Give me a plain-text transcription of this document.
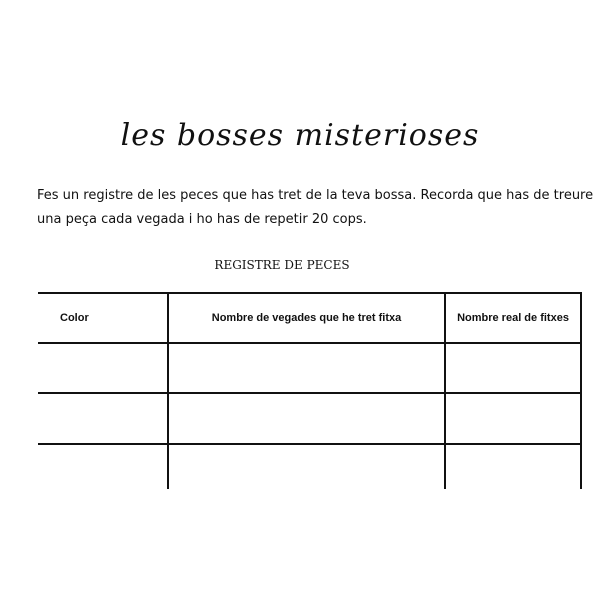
les bosses misterioses

Fes un registre de les peces que has tret de la teva bossa. Recorda que has de treure

una peça cada vegada i ho has de repetir 20 cops.

REGISTRE DE PECES
Color	Nombre de vegades que he tret fitxa	Nombre real de fitxes
